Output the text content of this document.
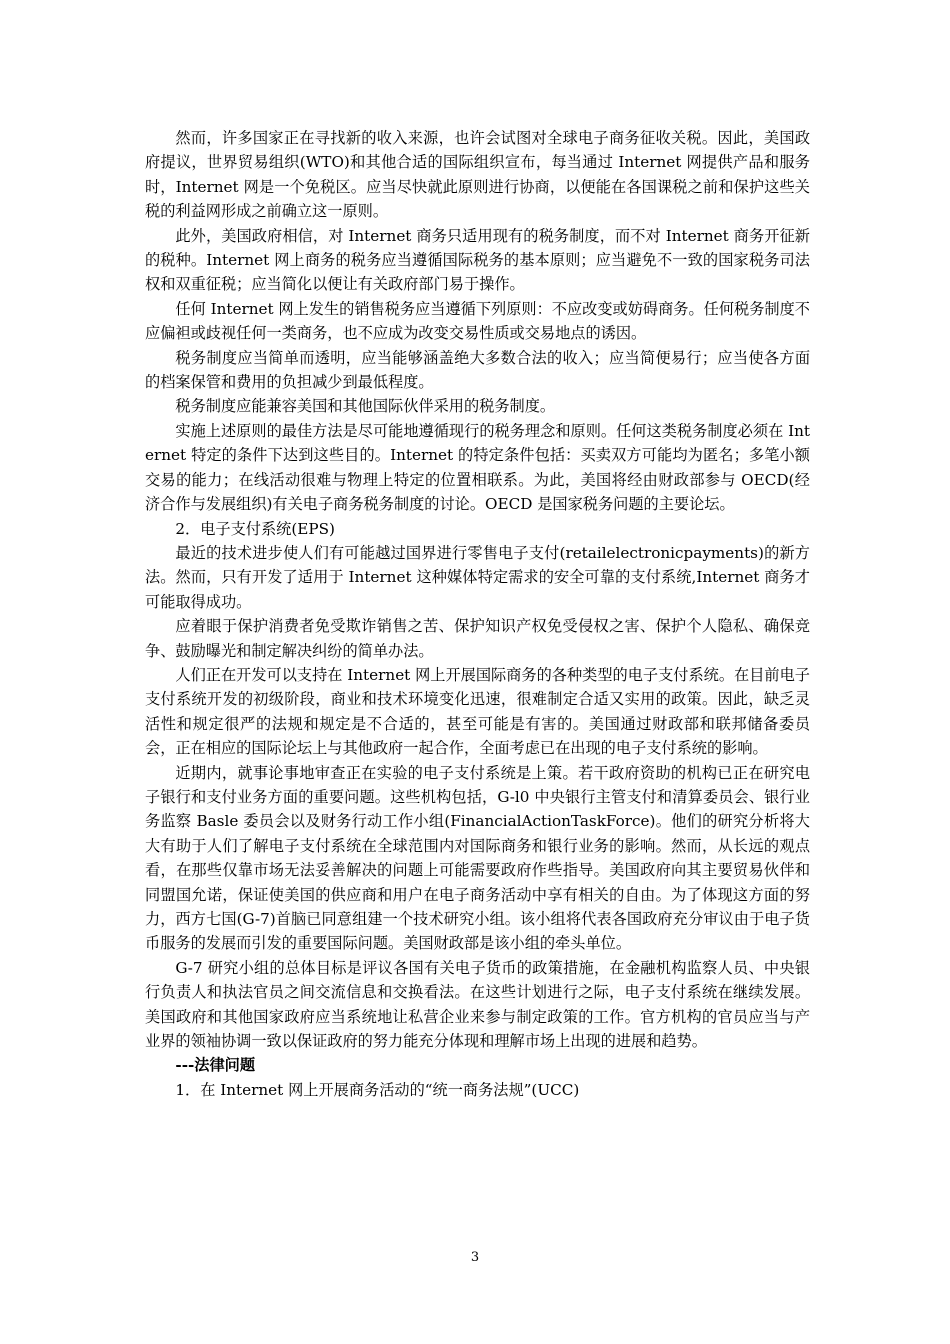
然而，许多国家正在寻找新的收入来源，也许会试图对全球电子商务征收关税。因此，美国政府提议，世界贸易组织(WTO)和其他合适的国际组织宣布，每当通过 Internet 网提供产品和服务时，Internet 网是一个免税区。应当尽快就此原则进行协商，以便能在各国课税之前和保护这些关税的利益网形成之前确立这一原则。

此外，美国政府相信，对 Internet 商务只适用现有的税务制度，而不对 Internet 商务开征新的税种。Internet 网上商务的税务应当遵循国际税务的基本原则；应当避免不一致的国家税务司法权和双重征税；应当简化以便让有关政府部门易于操作。

任何 Internet 网上发生的销售税务应当遵循下列原则：不应改变或妨碍商务。任何税务制度不应偏袒或歧视任何一类商务，也不应成为改变交易性质或交易地点的诱因。

税务制度应当简单而透明，应当能够涵盖绝大多数合法的收入；应当简便易行；应当使各方面的档案保管和费用的负担减少到最低程度。

税务制度应能兼容美国和其他国际伙伴采用的税务制度。

实施上述原则的最佳方法是尽可能地遵循现行的税务理念和原则。任何这类税务制度必须在 Internet 特定的条件下达到这些目的。Internet 的特定条件包括：买卖双方可能均为匿名；多笔小额交易的能力；在线活动很难与物理上特定的位置相联系。为此，美国将经由财政部参与 OECD(经济合作与发展组织)有关电子商务税务制度的讨论。OECD 是国家税务问题的主要论坛。

2．电子支付系统(EPS)

最近的技术进步使人们有可能越过国界进行零售电子支付(retailelectronicpayments)的新方法。然而，只有开发了适用于 Internet 这种媒体特定需求的安全可靠的支付系统,Internet 商务才可能取得成功。

应着眼于保护消费者免受欺诈销售之苦、保护知识产权免受侵权之害、保护个人隐私、确保竞争、鼓励曝光和制定解决纠纷的简单办法。

人们正在开发可以支持在 Internet 网上开展国际商务的各种类型的电子支付系统。在目前电子支付系统开发的初级阶段，商业和技术环境变化迅速，很难制定合适又实用的政策。因此，缺乏灵活性和规定很严的法规和规定是不合适的，甚至可能是有害的。美国通过财政部和联邦储备委员会，正在相应的国际论坛上与其他政府一起合作，全面考虑已在出现的电子支付系统的影响。

近期内，就事论事地审查正在实验的电子支付系统是上策。若干政府资助的机构已正在研究电子银行和支付业务方面的重要问题。这些机构包括，G-l0 中央银行主管支付和清算委员会、银行业务监察 Basle 委员会以及财务行动工作小组(FinancialActionTaskForce)。他们的研究分析将大大有助于人们了解电子支付系统在全球范围内对国际商务和银行业务的影响。然而，从长远的观点看，在那些仅靠市场无法妥善解决的问题上可能需要政府作些指导。美国政府向其主要贸易伙伴和同盟国允诺，保证使美国的供应商和用户在电子商务活动中享有相关的自由。为了体现这方面的努力，西方七国(G-7)首脑已同意组建一个技术研究小组。该小组将代表各国政府充分审议由于电子货币服务的发展而引发的重要国际问题。美国财政部是该小组的牵头单位。

G-7 研究小组的总体目标是评议各国有关电子货币的政策措施，在金融机构监察人员、中央银行负责人和执法官员之间交流信息和交换看法。在这些计划进行之际，电子支付系统在继续发展。美国政府和其他国家政府应当系统地让私营企业来参与制定政策的工作。官方机构的官员应当与产业界的领袖协调一致以保证政府的努力能充分体现和理解市场上出现的进展和趋势。

---法律问题

1．在 Internet 网上开展商务活动的“统一商务法规”(UCC)

3
